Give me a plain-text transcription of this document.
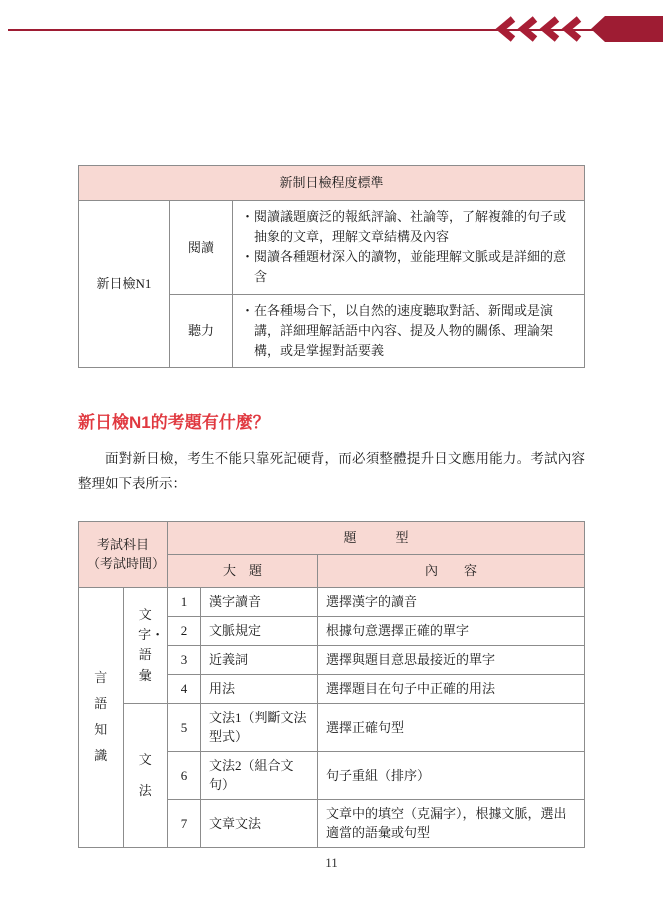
新制日檢程度標準		
新日檢N1	閱讀	・閱讀議題廣泛的報紙評論、社論等，了解複雜的句子或抽象的文章，理解文章結構及內容
・閱讀各種題材深入的讀物，並能理解文脈或是詳細的意含

	聽力	・在各種場合下，以自然的速度聽取對話、新聞或是演講，詳細理解話語中內容、提及人物的關係、理論架構，或是掌握對話要義
新日檢N1的考題有什麼？

面對新日檢，考生不能只靠死記硬背，而必須整體提升日文應用能力。考試內容整理如下表所示：

考試科目
（考試時間）		題　　　型		
		大　題		內　　容

言語知識	文字・語彙	1	漢字讀音	選擇漢字的讀音
		2	文脈規定	根據句意選擇正確的單字
		3	近義詞	選擇與題目意思最接近的單字
		4	用法	選擇題目在句子中正確的用法

	文　法	5	文法1（判斷文法型式）	選擇正確句型
		6	文法2（組合文句）	句子重組（排序）
		7	文章文法	文章中的填空（克漏字），根據文脈，選出適當的語彙或句型
11
